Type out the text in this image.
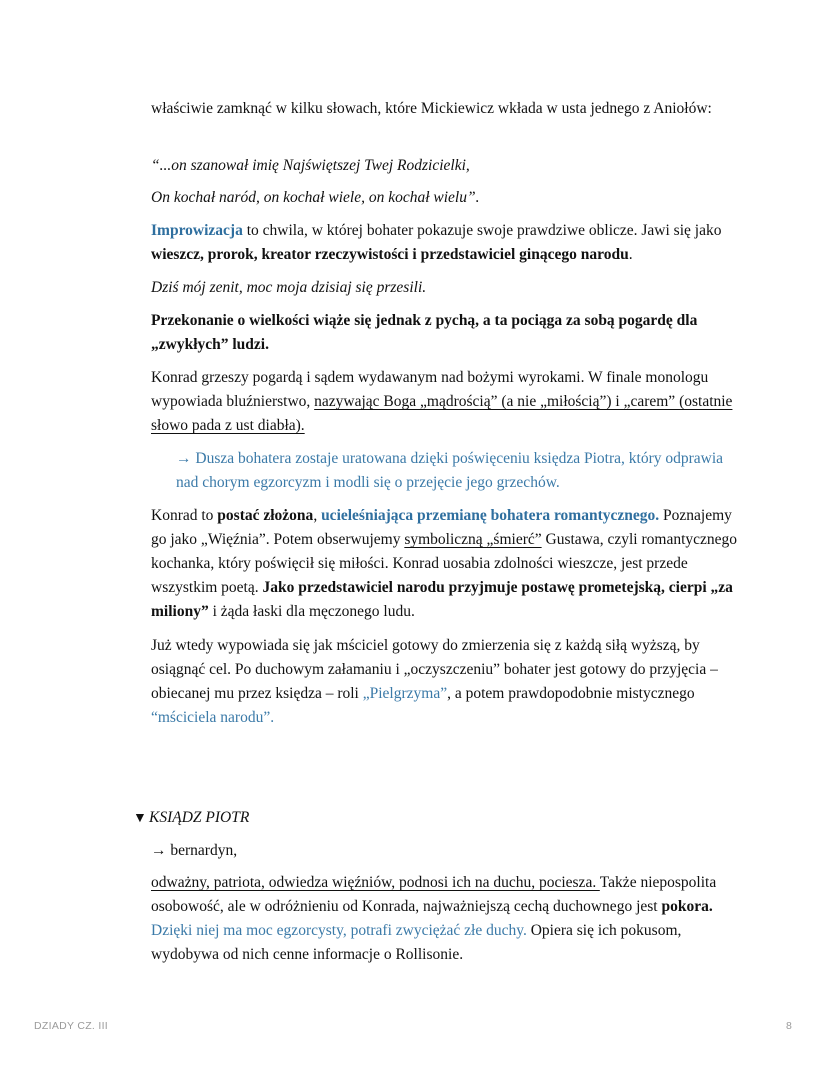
właściwie zamknąć w kilku słowach, które Mickiewicz wkłada w usta jednego z Aniołów:

“...on szanował imię Najświętszej Twej Rodzicielki,

On kochał naród, on kochał wiele, on kochał wielu”.

Improwizacja to chwila, w której bohater pokazuje swoje prawdziwe oblicze. Jawi się jako wieszcz, prorok, kreator rzeczywistości i przedstawiciel ginącego narodu.

Dziś mój zenit, moc moja dzisiaj się przesili.

Przekonanie o wielkości wiąże się jednak z pychą, a ta pociąga za sobą pogardę dla „zwykłych” ludzi.

Konrad grzeszy pogardą i sądem wydawanym nad bożymi wyrokami. W finale monologu wypowiada bluźnierstwo, nazywając Boga „mądrością” (a nie „miłością”) i „carem” (ostatnie słowo pada z ust diabła).

→ Dusza bohatera zostaje uratowana dzięki poświęceniu księdza Piotra, który odprawia nad chorym egzorcyzm i modli się o przejęcie jego grzechów.

Konrad to postać złożona, ucieleśniająca przemianę bohatera romantycznego. Poznajemy go jako „Więźnia”. Potem obserwujemy symboliczną „śmierć” Gustawa, czyli romantycznego kochanka, który poświęcił się miłości. Konrad uosabia zdolności wieszcze, jest przede wszystkim poetą. Jako przedstawiciel narodu przyjmuje postawę prometejską, cierpi „za miliony” i żąda łaski dla męczonego ludu.

Już wtedy wypowiada się jak mściciel gotowy do zmierzenia się z każdą siłą wyższą, by osiągnąć cel. Po duchowym załamaniu i „oczyszczeniu” bohater jest gotowy do przyjęcia – obiecanej mu przez księdza – roli „Pielgrzyma”, a potem prawdopodobnie mistycznego “mściciela narodu”.

▼ KSIĄDZ PIOTR

→ bernardyn,

odważny, patriota, odwiedza więźniów, podnosi ich na duchu, pociesza. Także niepospolita osobowość, ale w odróżnieniu od Konrada, najważniejszą cechą duchownego jest pokora. Dzięki niej ma moc egzorcysty, potrafi zwyciężać złe duchy. Opiera się ich pokusom, wydobywa od nich cenne informacje o Rollisonie.

DZIADY CZ. III	8
